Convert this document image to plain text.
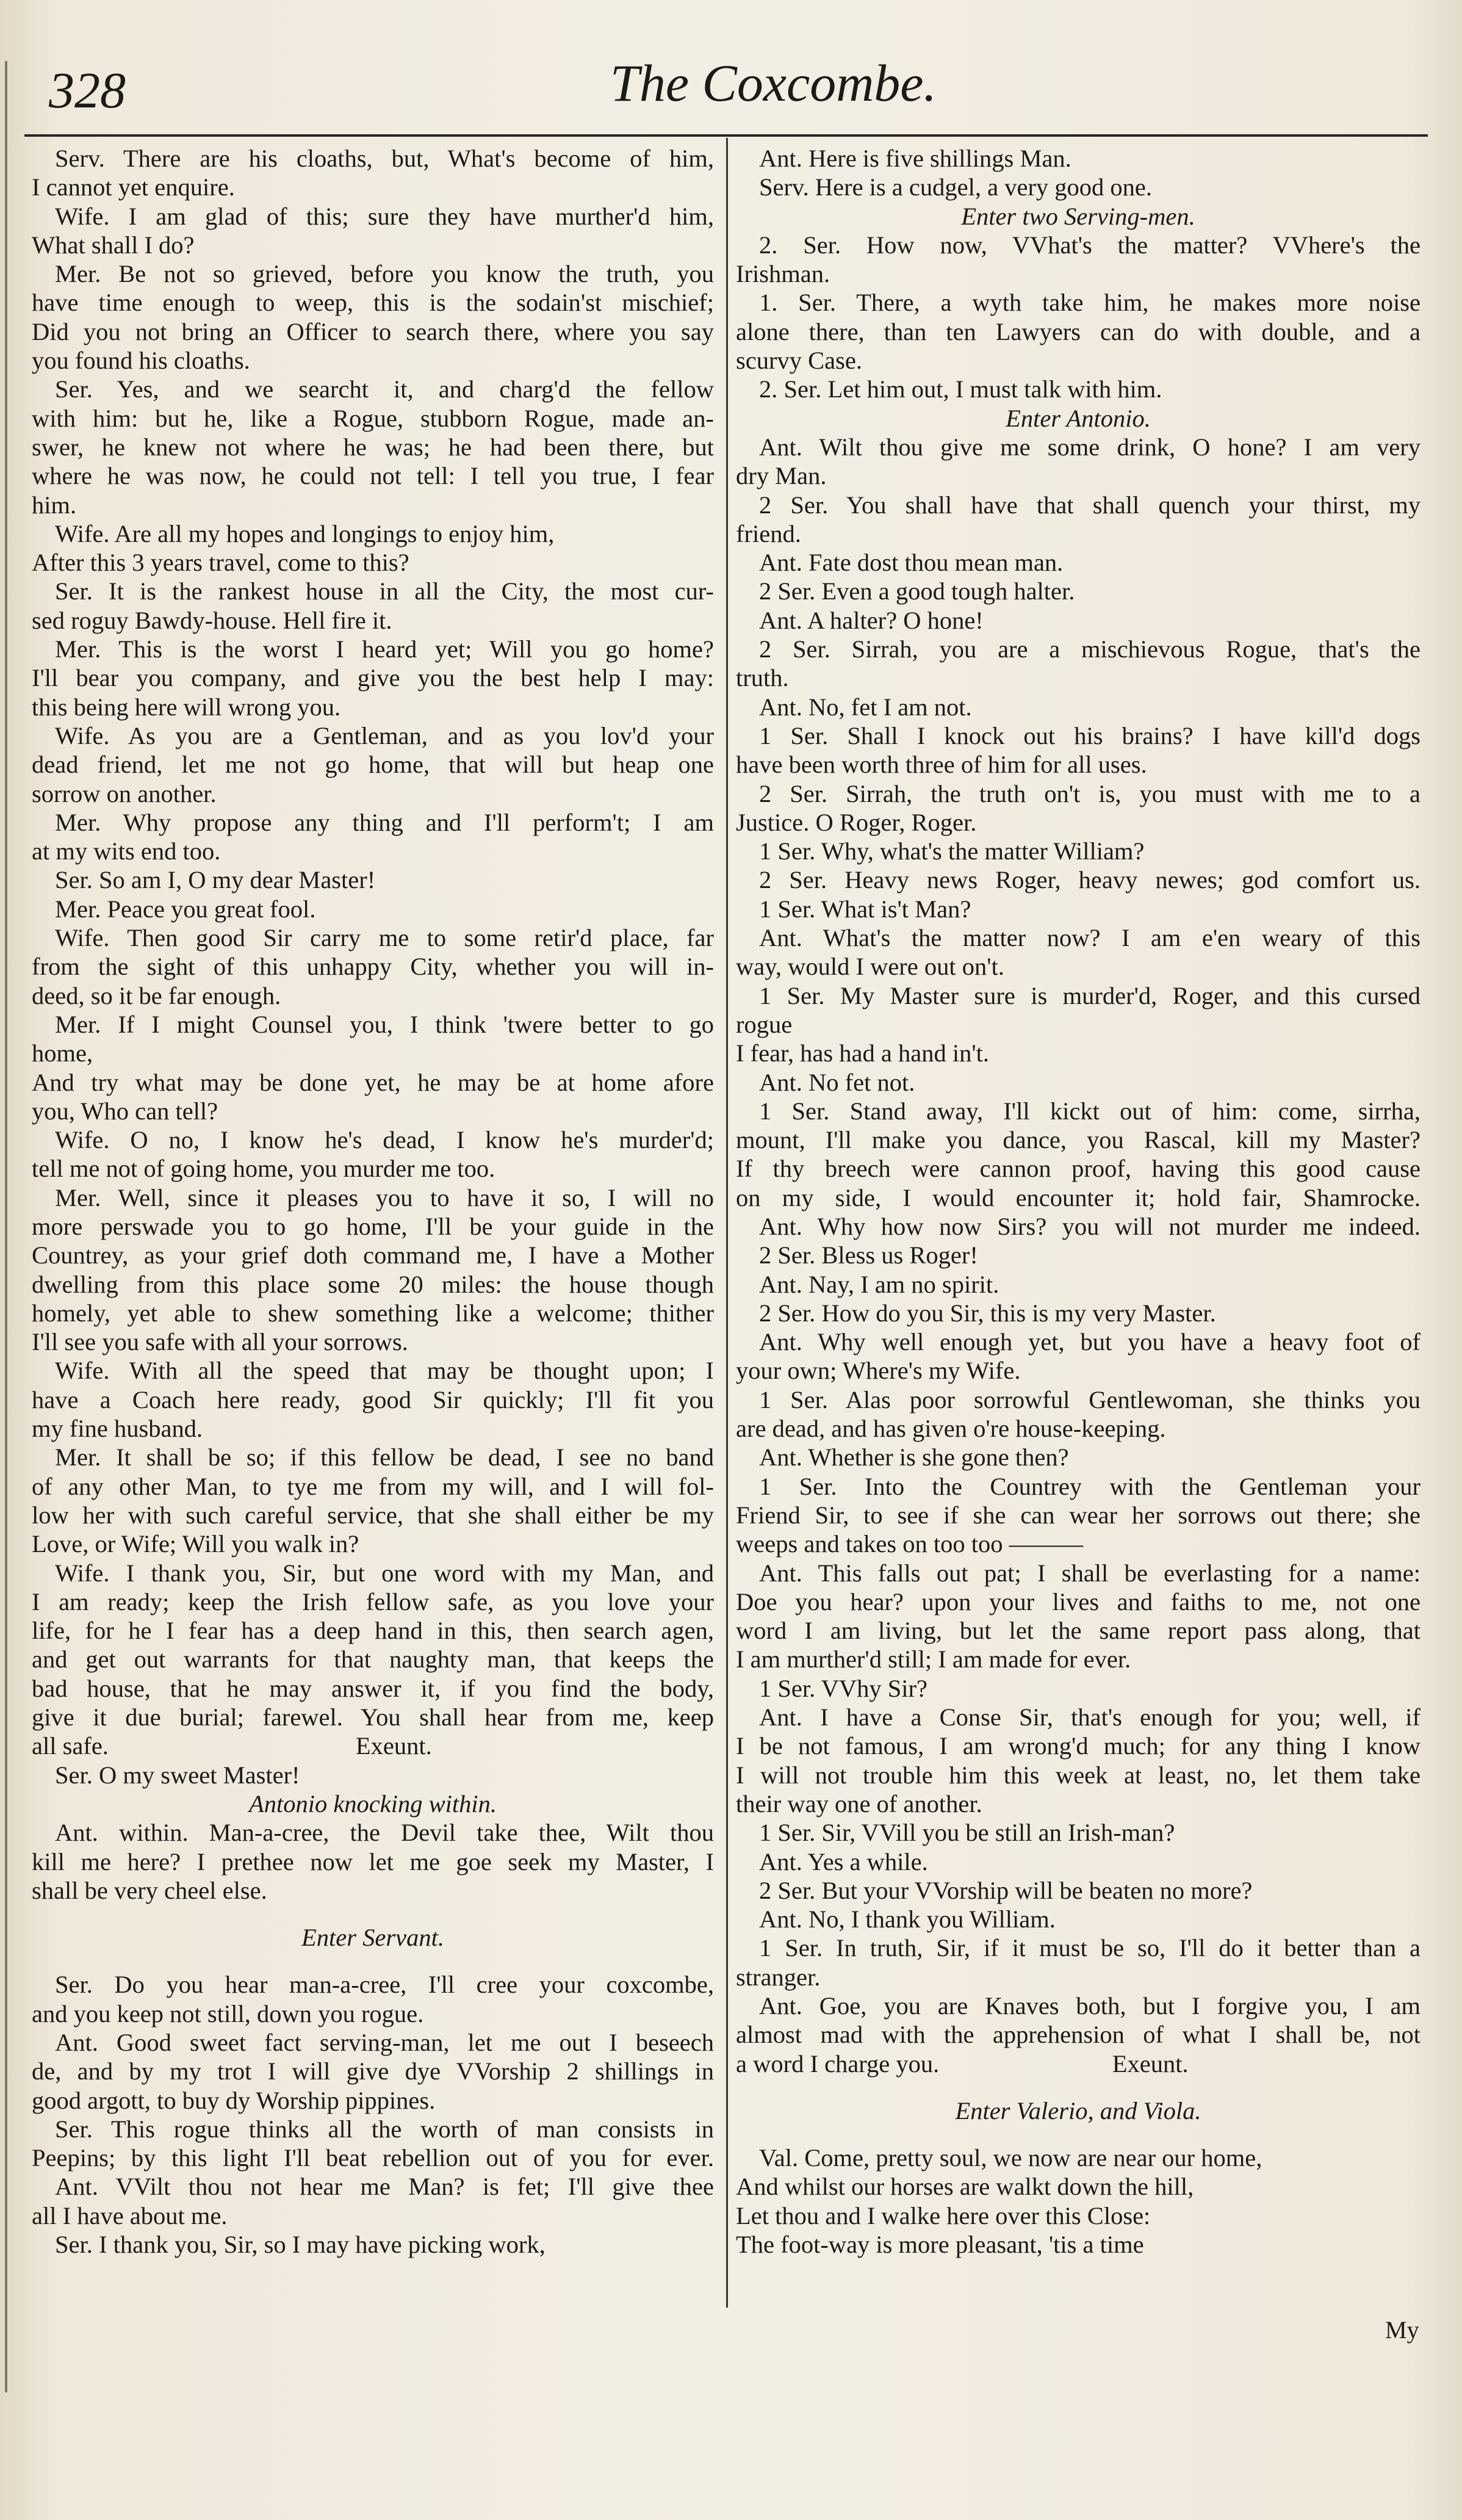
328	The Coxcombe.
Serv. There are his cloaths, but, What's become of him,
I cannot yet enquire.
Wife. I am glad of this; sure they have murther'd him,
What shall I do?
Mer. Be not so grieved, before you know the truth, you
have time enough to weep, this is the sodain'st mischief;
Did you not bring an Officer to search there, where you say
you found his cloaths.
Ser. Yes, and we searcht it, and charg'd the fellow
with him: but he, like a Rogue, stubborn Rogue, made an-
swer, he knew not where he was; he had been there, but
where he was now, he could not tell: I tell you true, I fear
him.
Wife. Are all my hopes and longings to enjoy him,
After this 3 years travel, come to this?
Ser. It is the rankest house in all the City, the most cur-
sed roguy Bawdy-house. Hell fire it.
Mer. This is the worst I heard yet; Will you go home?
I'll bear you company, and give you the best help I may:
this being here will wrong you.
Wife. As you are a Gentleman, and as you lov'd your
dead friend, let me not go home, that will but heap one
sorrow on another.
Mer. Why propose any thing and I'll perform't; I am
at my wits end too.
Ser. So am I, O my dear Master!
Mer. Peace you great fool.
Wife. Then good Sir carry me to some retir'd place, far
from the sight of this unhappy City, whether you will in-
deed, so it be far enough.
Mer. If I might Counsel you, I think 'twere better to go
home,
And try what may be done yet, he may be at home afore
you, Who can tell?
Wife. O no, I know he's dead, I know he's murder'd;
tell me not of going home, you murder me too.
Mer. Well, since it pleases you to have it so, I will no
more perswade you to go home, I'll be your guide in the
Countrey, as your grief doth command me, I have a Mother
dwelling from this place some 20 miles: the house though
homely, yet able to shew something like a welcome; thither
I'll see you safe with all your sorrows.
Wife. With all the speed that may be thought upon; I
have a Coach here ready, good Sir quickly; I'll fit you
my fine husband.
Mer. It shall be so; if this fellow be dead, I see no band
of any other Man, to tye me from my will, and I will fol-
low her with such careful service, that she shall either be my
Love, or Wife; Will you walk in?
Wife. I thank you, Sir, but one word with my Man, and
I am ready; keep the Irish fellow safe, as you love your
life, for he I fear has a deep hand in this, then search agen,
and get out warrants for that naughty man, that keeps the
bad house, that he may answer it, if you find the body,
give it due burial; farewel. You shall hear from me, keep
all safe.                                        Exeunt.
Ser. O my sweet Master!
Antonio knocking within.
Ant. within. Man-a-cree, the Devil take thee, Wilt thou
kill me here? I prethee now let me goe seek my Master, I
shall be very cheel else.
Enter Servant.
Ser. Do you hear man-a-cree, I'll cree your coxcombe,
and you keep not still, down you rogue.
Ant. Good sweet fact serving-man, let me out I beseech
de, and by my trot I will give dye VVorship 2 shillings in
good argott, to buy dy Worship pippines.
Ser. This rogue thinks all the worth of man consists in
Peepins; by this light I'll beat rebellion out of you for ever.
Ant. VVilt thou not hear me Man? is fet; I'll give thee
all I have about me.
Ser. I thank you, Sir, so I may have picking work,
Ant. Here is five shillings Man.
Serv. Here is a cudgel, a very good one.
Enter two Serving-men.
2. Ser. How now, VVhat's the matter? VVhere's the
Irishman.
1. Ser. There, a wyth take him, he makes more noise
alone there, than ten Lawyers can do with double, and a
scurvy Case.
2. Ser. Let him out, I must talk with him.
Enter Antonio.
Ant. Wilt thou give me some drink, O hone? I am very
dry Man.
2 Ser. You shall have that shall quench your thirst, my
friend.
Ant. Fate dost thou mean man.
2 Ser. Even a good tough halter.
Ant. A halter? O hone!
2 Ser. Sirrah, you are a mischievous Rogue, that's the
truth.
Ant. No, fet I am not.
1 Ser. Shall I knock out his brains? I have kill'd dogs
have been worth three of him for all uses.
2 Ser. Sirrah, the truth on't is, you must with me to a
Justice. O Roger, Roger.
1 Ser. Why, what's the matter William?
2 Ser. Heavy news Roger, heavy newes; god comfort us.
1 Ser. What is't Man?
Ant. What's the matter now? I am e'en weary of this
way, would I were out on't.
1 Ser. My Master sure is murder'd, Roger, and this cursed
rogue
I fear, has had a hand in't.
Ant. No fet not.
1 Ser. Stand away, I'll kickt out of him: come, sirrha,
mount, I'll make you dance, you Rascal, kill my Master?
If thy breech were cannon proof, having this good cause
on my side, I would encounter it; hold fair, Shamrocke.
Ant. Why how now Sirs? you will not murder me indeed.
2 Ser. Bless us Roger!
Ant. Nay, I am no spirit.
2 Ser. How do you Sir, this is my very Master.
Ant. Why well enough yet, but you have a heavy foot of
your own; Where's my Wife.
1 Ser. Alas poor sorrowful Gentlewoman, she thinks you
are dead, and has given o're house-keeping.
Ant. Whether is she gone then?
1 Ser. Into the Countrey with the Gentleman your
Friend Sir, to see if she can wear her sorrows out there; she
weeps and takes on too too ———
Ant. This falls out pat; I shall be everlasting for a name:
Doe you hear? upon your lives and faiths to me, not one
word I am living, but let the same report pass along, that
I am murther'd still; I am made for ever.
1 Ser. VVhy Sir?
Ant. I have a Conse Sir, that's enough for you; well, if
I be not famous, I am wrong'd much; for any thing I know
I will not trouble him this week at least, no, let them take
their way one of another.
1 Ser. Sir, VVill you be still an Irish-man?
Ant. Yes a while.
2 Ser. But your VVorship will be beaten no more?
Ant. No, I thank you William.
1 Ser. In truth, Sir, if it must be so, I'll do it better than a
stranger.
Ant. Goe, you are Knaves both, but I forgive you, I am
almost mad with the apprehension of what I shall be, not
a word I charge you.                            Exeunt.
Enter Valerio, and Viola.
Val. Come, pretty soul, we now are near our home,
And whilst our horses are walkt down the hill,
Let thou and I walke here over this Close:
The foot-way is more pleasant, 'tis a time
My
